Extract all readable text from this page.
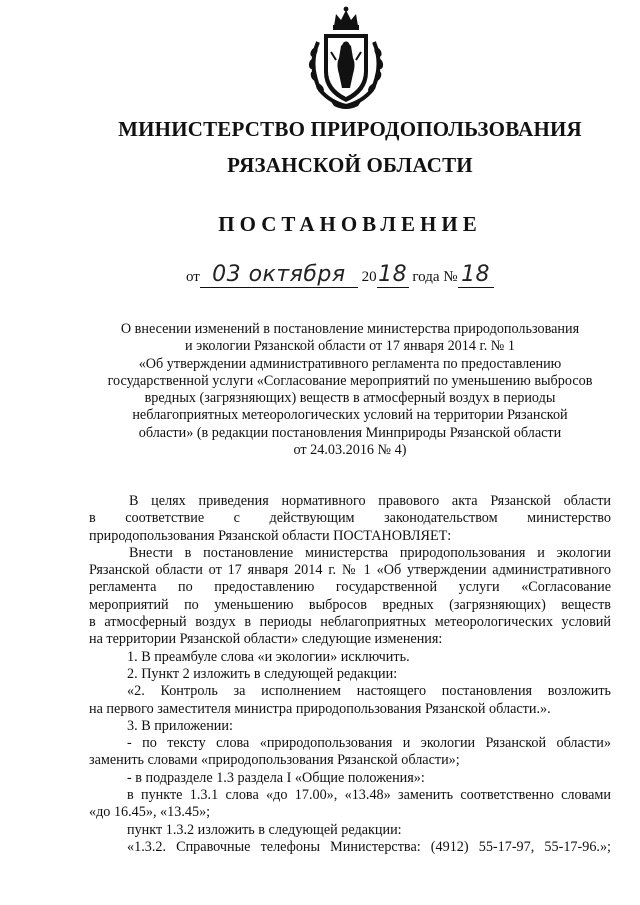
МИНИСТЕРСТВО ПРИРОДОПОЛЬЗОВАНИЯ
РЯЗАНСКОЙ ОБЛАСТИ
ПОСТАНОВЛЕНИЕ
от 03 октября 2018 года № 18
О внесении изменений в постановление министерства природопользования
и экологии Рязанской области от 17 января 2014 г. № 1
«Об утверждении административного регламента по предоставлению
государственной услуги «Согласование мероприятий по уменьшению выбросов
вредных (загрязняющих) веществ в атмосферный воздух в периоды
неблагоприятных метеорологических условий на территории Рязанской
области» (в редакции постановления Минприроды Рязанской области
от 24.03.2016 № 4)
В целях приведения нормативного правового акта Рязанской области
в соответствие с действующим законодательством министерство
природопользования Рязанской области ПОСТАНОВЛЯЕТ:
Внести в постановление министерства природопользования и экологии
Рязанской области от 17 января 2014 г. № 1 «Об утверждении административного
регламента по предоставлению государственной услуги «Согласование
мероприятий по уменьшению выбросов вредных (загрязняющих) веществ
в атмосферный воздух в периоды неблагоприятных метеорологических условий
на территории Рязанской области» следующие изменения:
1. В преамбуле слова «и экологии» исключить.
2. Пункт 2 изложить в следующей редакции:
«2. Контроль за исполнением настоящего постановления возложить
на первого заместителя министра природопользования Рязанской области.».
3. В приложении:
- по тексту слова «природопользования и экологии Рязанской области»
заменить словами «природопользования Рязанской области»;
- в подразделе 1.3 раздела I «Общие положения»:
в пункте 1.3.1 слова «до 17.00», «13.48» заменить соответственно словами
«до 16.45», «13.45»;
пункт 1.3.2 изложить в следующей редакции:
«1.3.2. Справочные телефоны Министерства: (4912) 55-17-97, 55-17-96.»;
